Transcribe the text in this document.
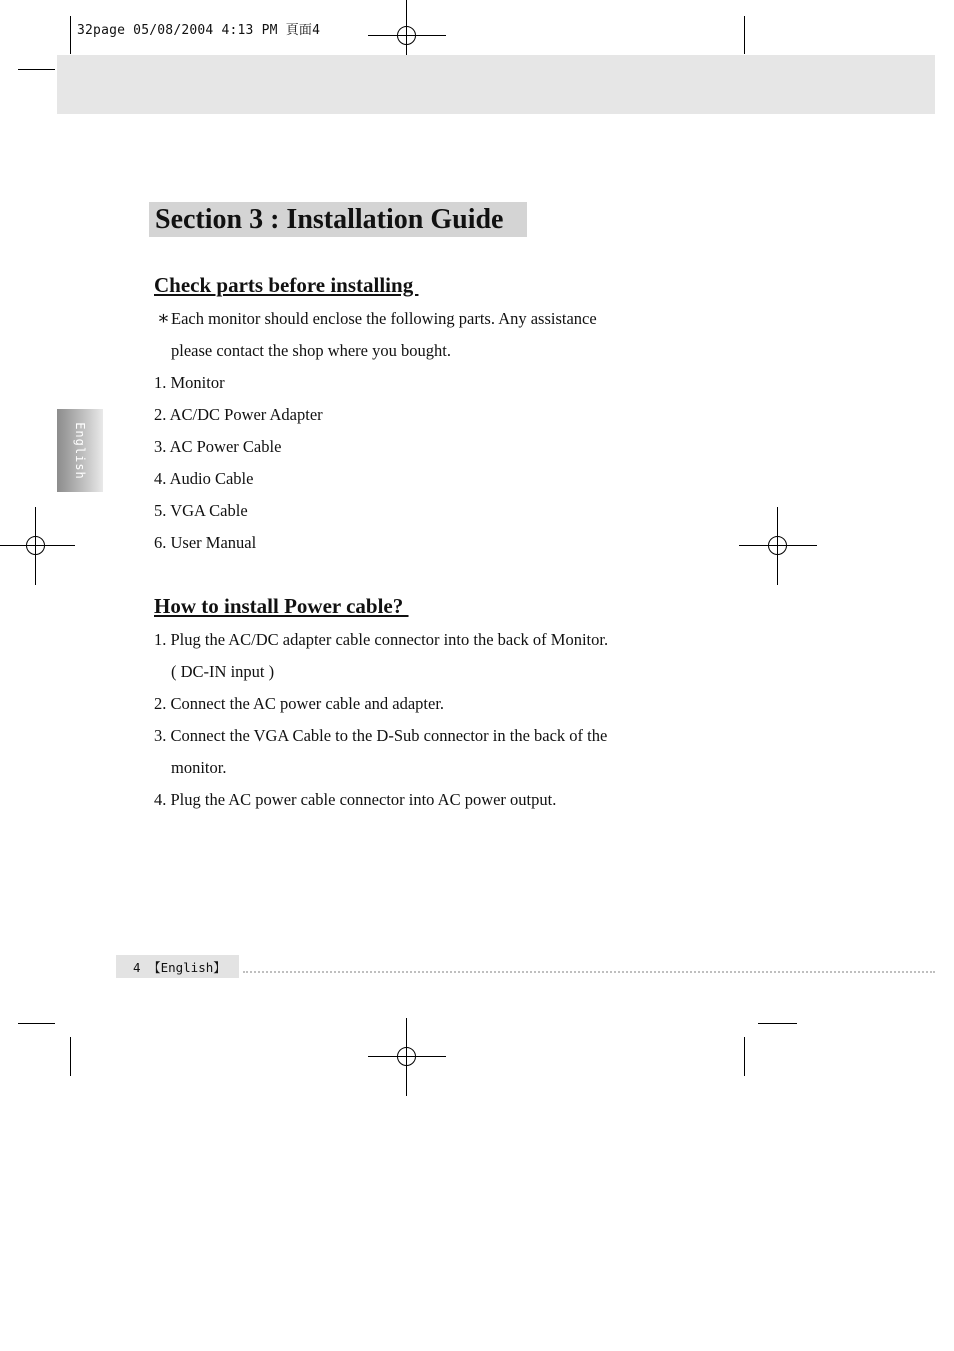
32page 05/08/2004 4:13 PM 頁面4
English
Section 3 : Installation Guide
Check parts before installing
∗ Each monitor should enclose the following parts. Any assistance
please contact the shop where you bought.
1. Monitor
2. AC/DC Power Adapter
3. AC Power Cable
4. Audio Cable
5. VGA Cable
6. User Manual
How to install Power cable?
1. Plug the AC/DC adapter cable connector into the back of Monitor.
( DC-IN input )
2. Connect the AC power cable and adapter.
3. Connect the VGA Cable to the D-Sub connector in the back of the
monitor.
4. Plug the AC power cable connector into AC power output.
4 【English】
